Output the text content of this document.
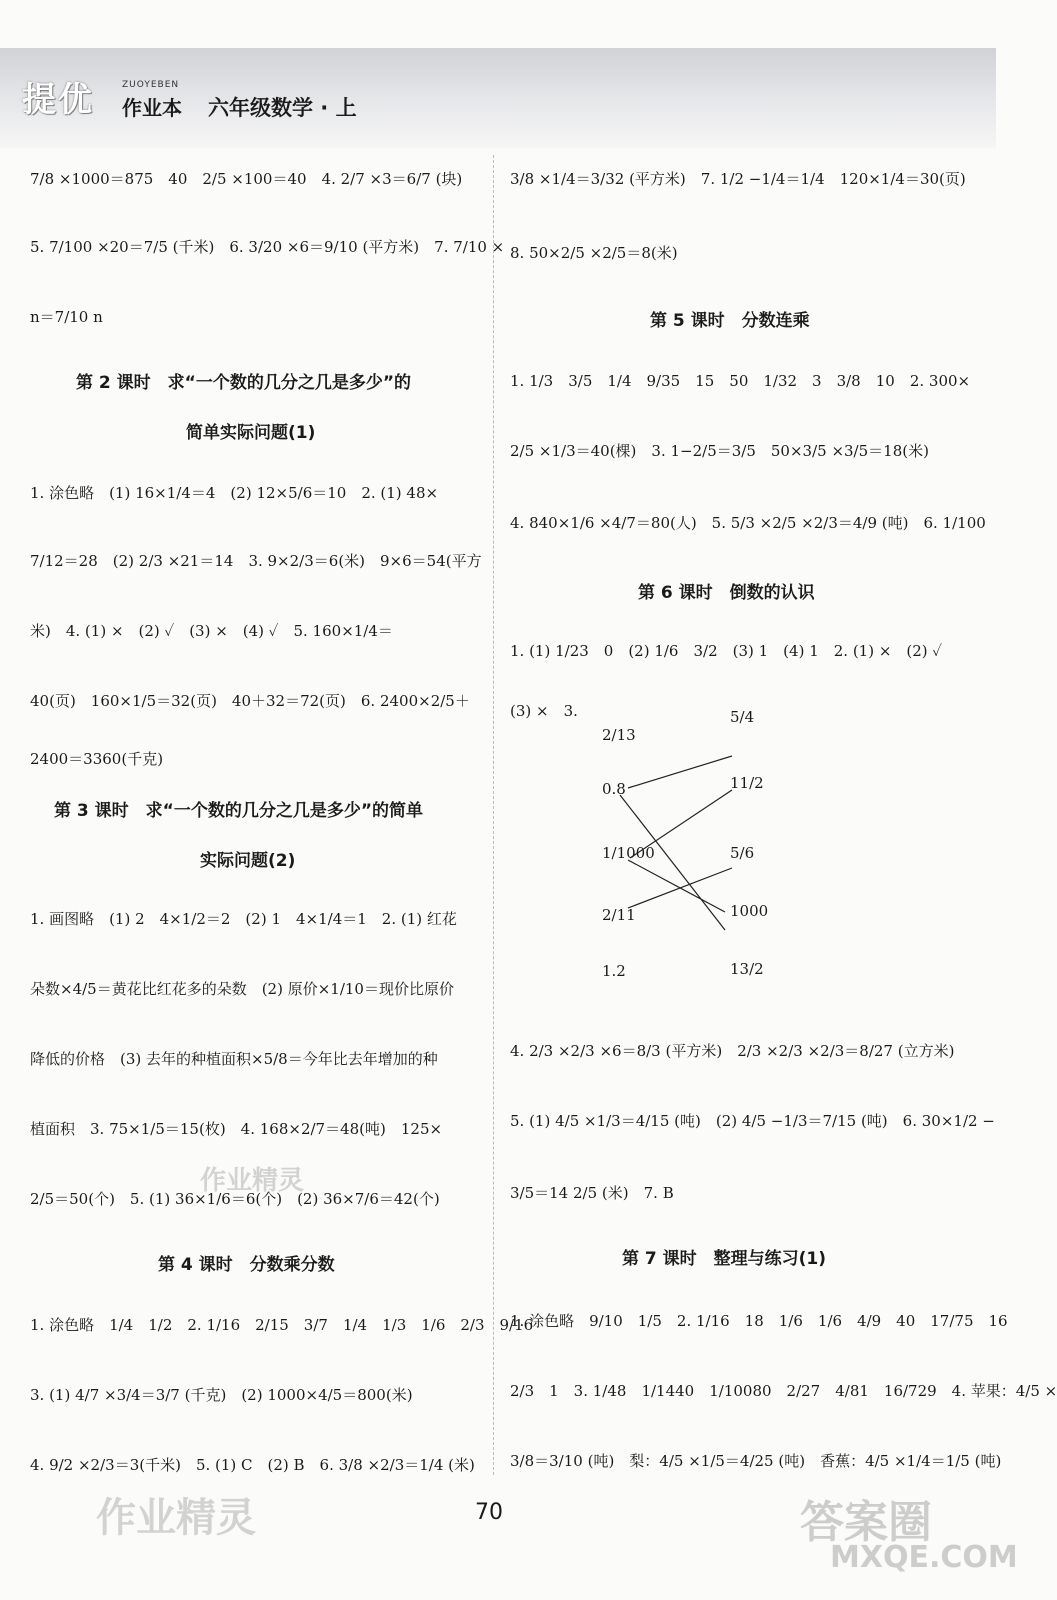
提优	ZUOYEBEN
作业本 六年级数学 · 上
7/8 ×1000＝875　40　2/5 ×100＝40　4. 2/7 ×3＝6/7 (块)
5. 7/100 ×20＝7/5 (千米)　6. 3/20 ×6＝9/10 (平方米)　7. 7/10 ×
n＝7/10 n
第 2 课时　求“一个数的几分之几是多少”的
简单实际问题(1)
1. 涂色略　(1) 16×1/4＝4　(2) 12×5/6＝10　2. (1) 48×
7/12＝28　(2) 2/3 ×21＝14　3. 9×2/3＝6(米)　9×6＝54(平方
米)　4. (1) ×　(2) ✓　(3) ×　(4) ✓　5. 160×1/4＝
40(页)　160×1/5＝32(页)　40＋32＝72(页)　6. 2400×2/5＋
2400＝3360(千克)
第 3 课时　求“一个数的几分之几是多少”的简单
实际问题(2)
1. 画图略　(1) 2　4×1/2＝2　(2) 1　4×1/4＝1　2. (1) 红花
朵数×4/5＝黄花比红花多的朵数　(2) 原价×1/10＝现价比原价
降低的价格　(3) 去年的种植面积×5/8＝今年比去年增加的种
植面积　3. 75×1/5＝15(枚)　4. 168×2/7＝48(吨)　125×
2/5＝50(个)　5. (1) 36×1/6＝6(个)　(2) 36×7/6＝42(个)
第 4 课时　分数乘分数
1. 涂色略　1/4　1/2　2. 1/16　2/15　3/7　1/4　1/3　1/6　2/3　9/16
3. (1) 4/7 ×3/4＝3/7 (千克)　(2) 1000×4/5＝800(米)
4. 9/2 ×2/3＝3(千米)　5. (1) C　(2) B　6. 3/8 ×2/3＝1/4 (米)
3/8 ×1/4＝3/32 (平方米)　7. 1/2 −1/4＝1/4　120×1/4＝30(页)
8. 50×2/5 ×2/5＝8(米)
第 5 课时　分数连乘
1. 1/3　3/5　1/4　9/35　15　50　1/32　3　3/8　10　2. 300×
2/5 ×1/3＝40(棵)　3. 1−2/5＝3/5　50×3/5 ×3/5＝18(米)
4. 840×1/6 ×4/7＝80(人)　5. 5/3 ×2/5 ×2/3＝4/9 (吨)　6. 1/100
第 6 课时　倒数的认识
1. (1) 1/23　0　(2) 1/6　3/2　(3) 1　(4) 1　2. (1) ×　(2) ✓
(3) ×　3.
4. 2/3 ×2/3 ×6＝8/3 (平方米)　2/3 ×2/3 ×2/3＝8/27 (立方米)
5. (1) 4/5 ×1/3＝4/15 (吨)　(2) 4/5 −1/3＝7/15 (吨)　6. 30×1/2 −
3/5＝14 2/5 (米)　7. B
第 7 课时　整理与练习(1)
1. 涂色略　9/10　1/5　2. 1/16　18　1/6　1/6　4/9　40　17/75　16
2/3　1　3. 1/48　1/1440　1/10080　2/27　4/81　16/729　4. 苹果：4/5 ×
3/8＝3/10 (吨)　梨：4/5 ×1/5＝4/25 (吨)　香蕉：4/5 ×1/4＝1/5 (吨)
2/13
0.8
1/1000
2/11
1.2
5/4
11/2
5/6
1000
13/2
70
作业精灵
作业精灵
答案圈
MXQE.COM
